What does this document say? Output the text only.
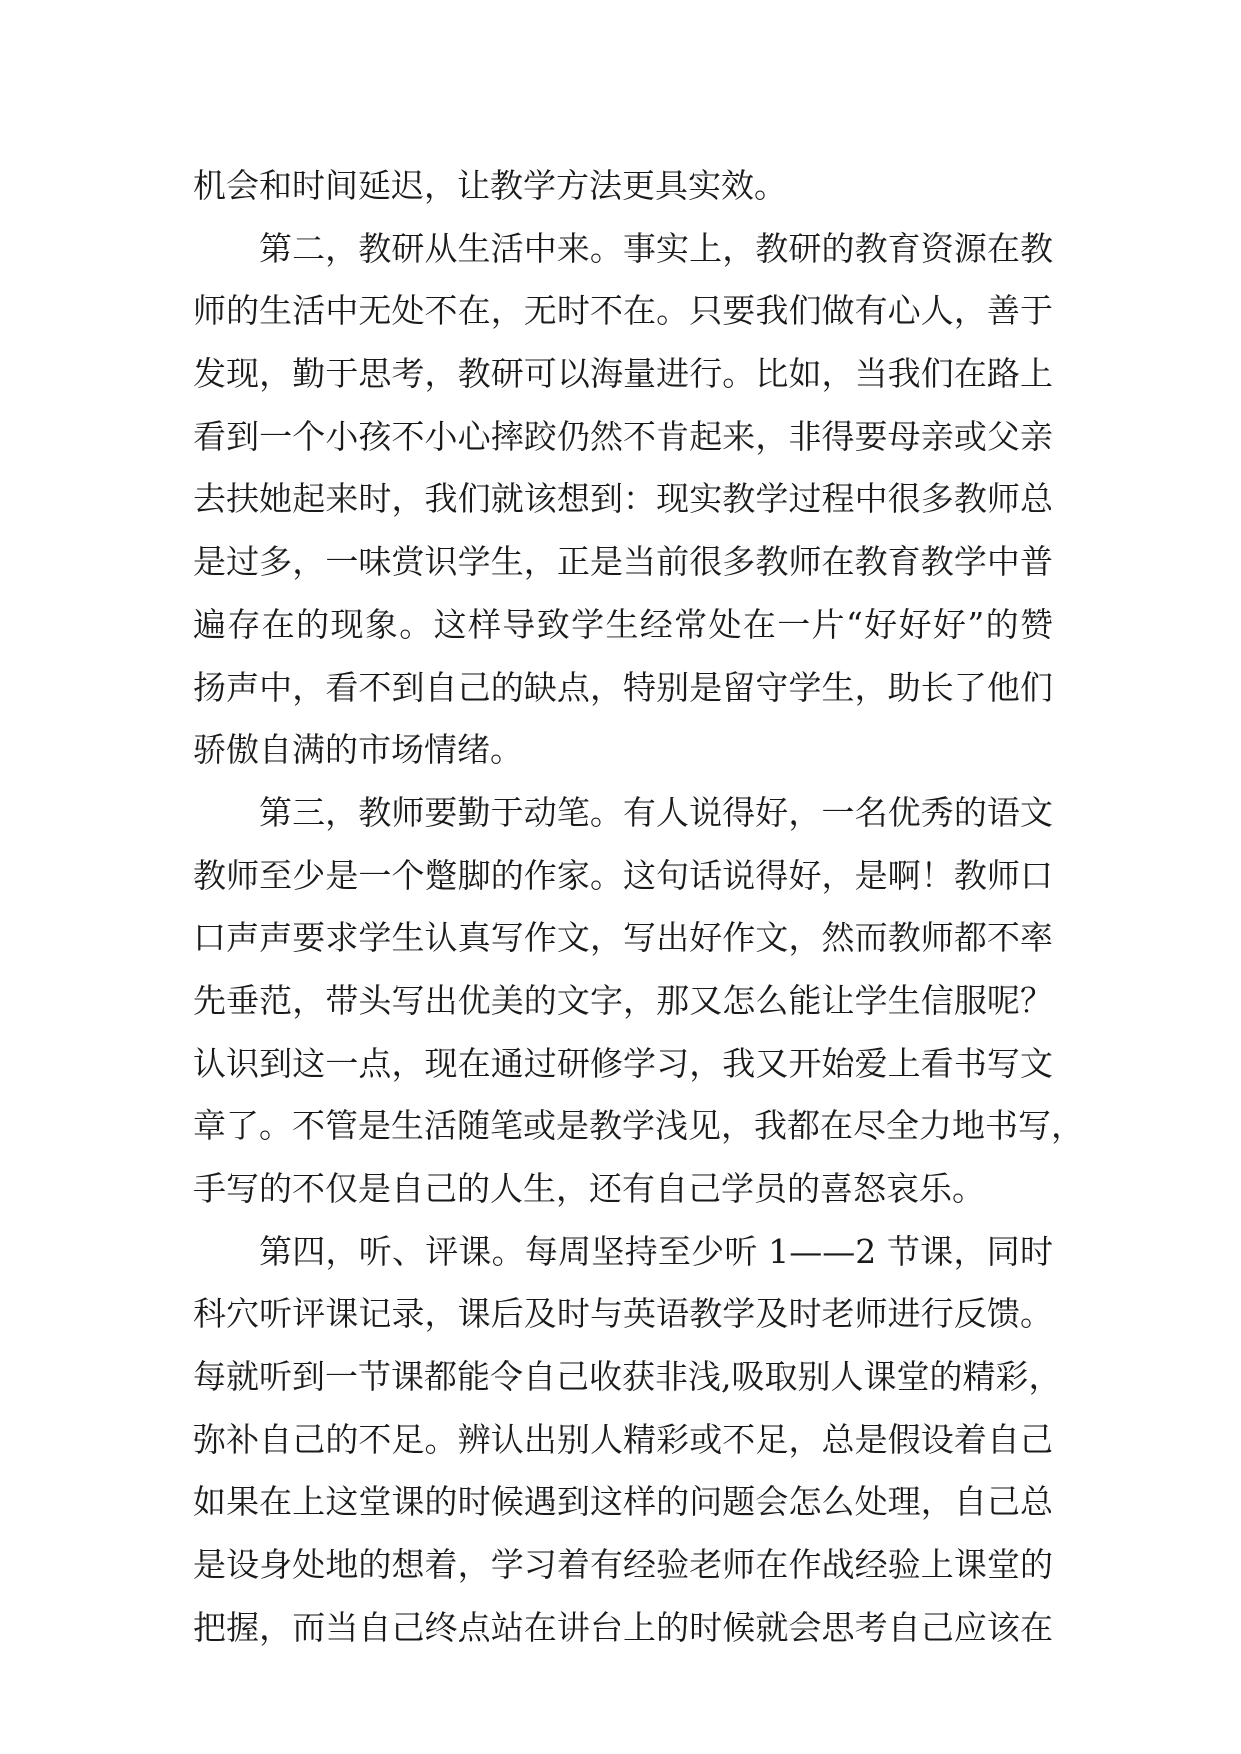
机会和时间延迟，让教学方法更具实效。
第二，教研从生活中来。事实上，教研的教育资源在教
师的生活中无处不在，无时不在。只要我们做有心人，善于
发现，勤于思考，教研可以海量进行。比如，当我们在路上
看到一个小孩不小心摔跤仍然不肯起来，非得要母亲或父亲
去扶她起来时，我们就该想到：现实教学过程中很多教师总
是过多，一味赏识学生，正是当前很多教师在教育教学中普
遍存在的现象。这样导致学生经常处在一片“好好好”的赞
扬声中，看不到自己的缺点，特别是留守学生，助长了他们
骄傲自满的市场情绪。
第三，教师要勤于动笔。有人说得好，一名优秀的语文
教师至少是一个蹩脚的作家。这句话说得好，是啊！教师口
口声声要求学生认真写作文，写出好作文，然而教师都不率
先垂范，带头写出优美的文字，那又怎么能让学生信服呢？
认识到这一点，现在通过研修学习，我又开始爱上看书写文
章了。不管是生活随笔或是教学浅见，我都在尽全力地书写，
手写的不仅是自己的人生，还有自己学员的喜怒哀乐。
第四，听、评课。每周坚持至少听 1——2 节课，同时
科穴听评课记录，课后及时与英语教学及时老师进行反馈。
每就听到一节课都能令自己收获非浅,吸取别人课堂的精彩，
弥补自己的不足。辨认出别人精彩或不足，总是假设着自己
如果在上这堂课的时候遇到这样的问题会怎么处理，自己总
是设身处地的想着，学习着有经验老师在作战经验上课堂的
把握，而当自己终点站在讲台上的时候就会思考自己应该在
